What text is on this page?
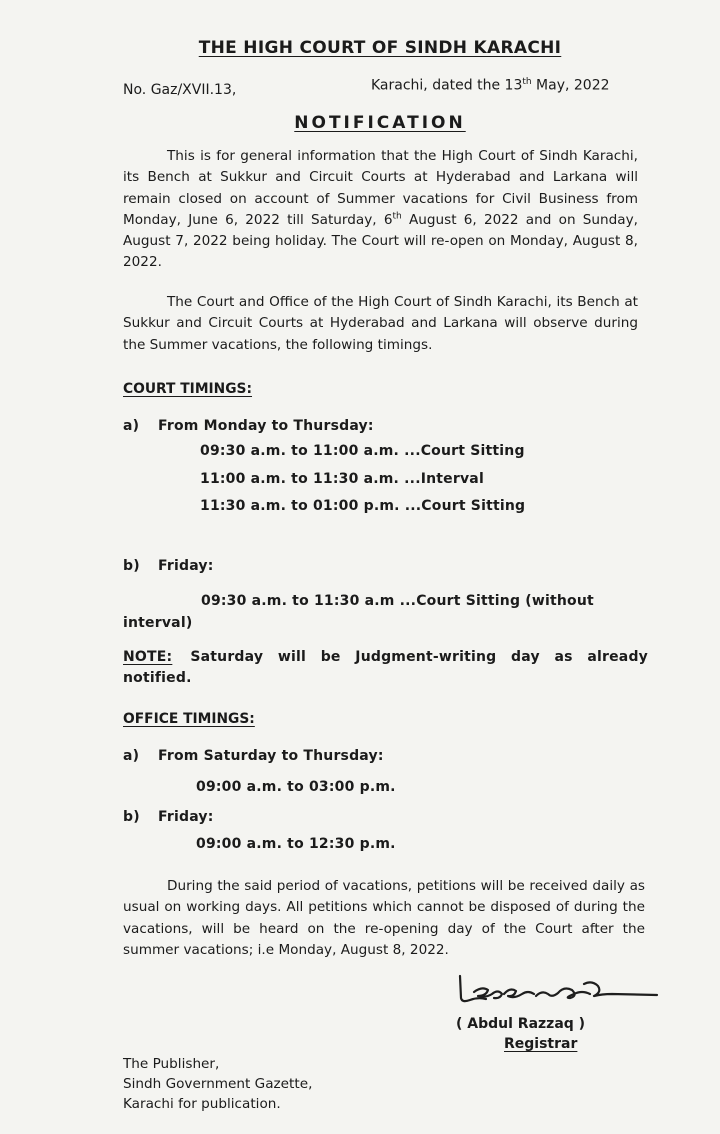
THE HIGH COURT OF SINDH KARACHI
No. Gaz/XVII.13,	Karachi, dated the 13th May, 2022
NOTIFICATION
This is for general information that the High Court of Sindh Karachi, its Bench at Sukkur and Circuit Courts at Hyderabad and Larkana will remain closed on account of Summer vacations for Civil Business from Monday, June 6, 2022 till Saturday, 6th August 6, 2022 and on Sunday, August 7, 2022 being holiday. The Court will re-open on Monday, August 8, 2022.
The Court and Office of the High Court of Sindh Karachi, its Bench at Sukkur and Circuit Courts at Hyderabad and Larkana will observe during the Summer vacations, the following timings.
COURT TIMINGS:
a) From Monday to Thursday:
09:30 a.m. to 11:00 a.m. ...Court Sitting
11:00 a.m. to 11:30 a.m. ...Interval
11:30 a.m. to 01:00 p.m. ...Court Sitting
b) Friday:
09:30 a.m. to 11:30 a.m ...Court Sitting (without interval)
NOTE: Saturday will be Judgment-writing day as already notified.
OFFICE TIMINGS:
a) From Saturday to Thursday:
09:00 a.m. to 03:00 p.m.
b) Friday:
09:00 a.m. to 12:30 p.m.
During the said period of vacations, petitions will be received daily as usual on working days. All petitions which cannot be disposed of during the vacations, will be heard on the re-opening day of the Court after the summer vacations; i.e Monday, August 8, 2022.
( Abdul Razzaq )
Registrar
The Publisher,
Sindh Government Gazette,
Karachi for publication.
